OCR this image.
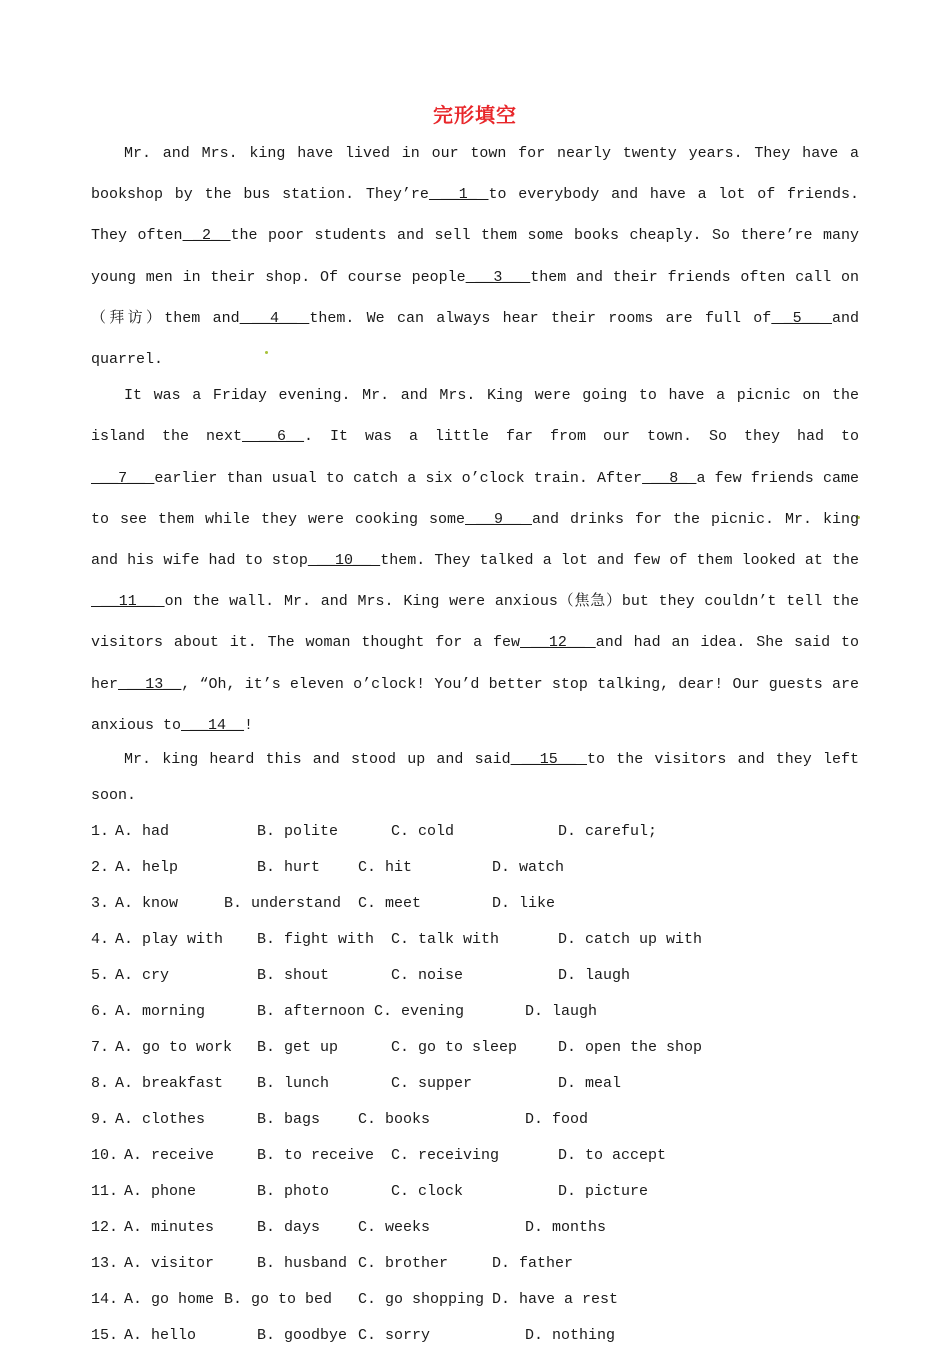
完形填空

Mr. and Mrs. king have lived in our town for nearly twenty years. They have a bookshop by the bus station. They’re __1_ to everybody and have a lot of friends. They often _2_ the poor students and sell them some books cheaply. So there’re many young men in their shop. Of course people __3__ them and their friends often call on（拜访）them and __4__ them. We can always hear their rooms are full of _5__ and quarrel.

It was a Friday evening. Mr. and Mrs. King were going to have a picnic on the island the next __6__. It was a little far from our town. So they had to __7__ earlier than usual to catch a six o’clock train. After __8_ a few friends came to see them while they were cooking some __9__ and drinks for the picnic. Mr. king and his wife had to stop __10__ them. They talked a lot and few of them looked at the __11__ on the wall. Mr. and Mrs. King were anxious（焦急）but they couldn’t tell the visitors about it. The woman thought for a few __12__ and had an idea. She said to her __13__, “Oh, it’s eleven o’clock! You’d better stop talking, dear! Our guests are anxious to __14__!

Mr. king heard this and stood up and said __15__ to the visitors and they left soon.

1. A. had	B. polite	C. cold	D. careful;
2. A. help	B. hurt	C. hit	D. watch
3. A. know	B. understand C. meet	D. like
4. A. play with B. fight with C. talk with	D. catch up with
5. A. cry	B. shout	C. noise	D. laugh
6. A. morning	B. afternoon C. evening	D. laugh
7. A. go to work B. get up	C. go to sleep	D. open the shop
8. A. breakfast B. lunch	C. supper	D. meal
9. A. clothes	B. bags	C. books	D. food
10. A. receive	B. to receive C. receiving	D. to accept
11. A. phone	B. photo	C. clock	D. picture
12. A. minutes	B. days	C. weeks	D. months
13. A. visitor	B. husband C. brother	D. father
14. A. go home B. go to bed C. go shopping D. have a rest
15. A. hello	B. goodbye C. sorry	D. nothing
